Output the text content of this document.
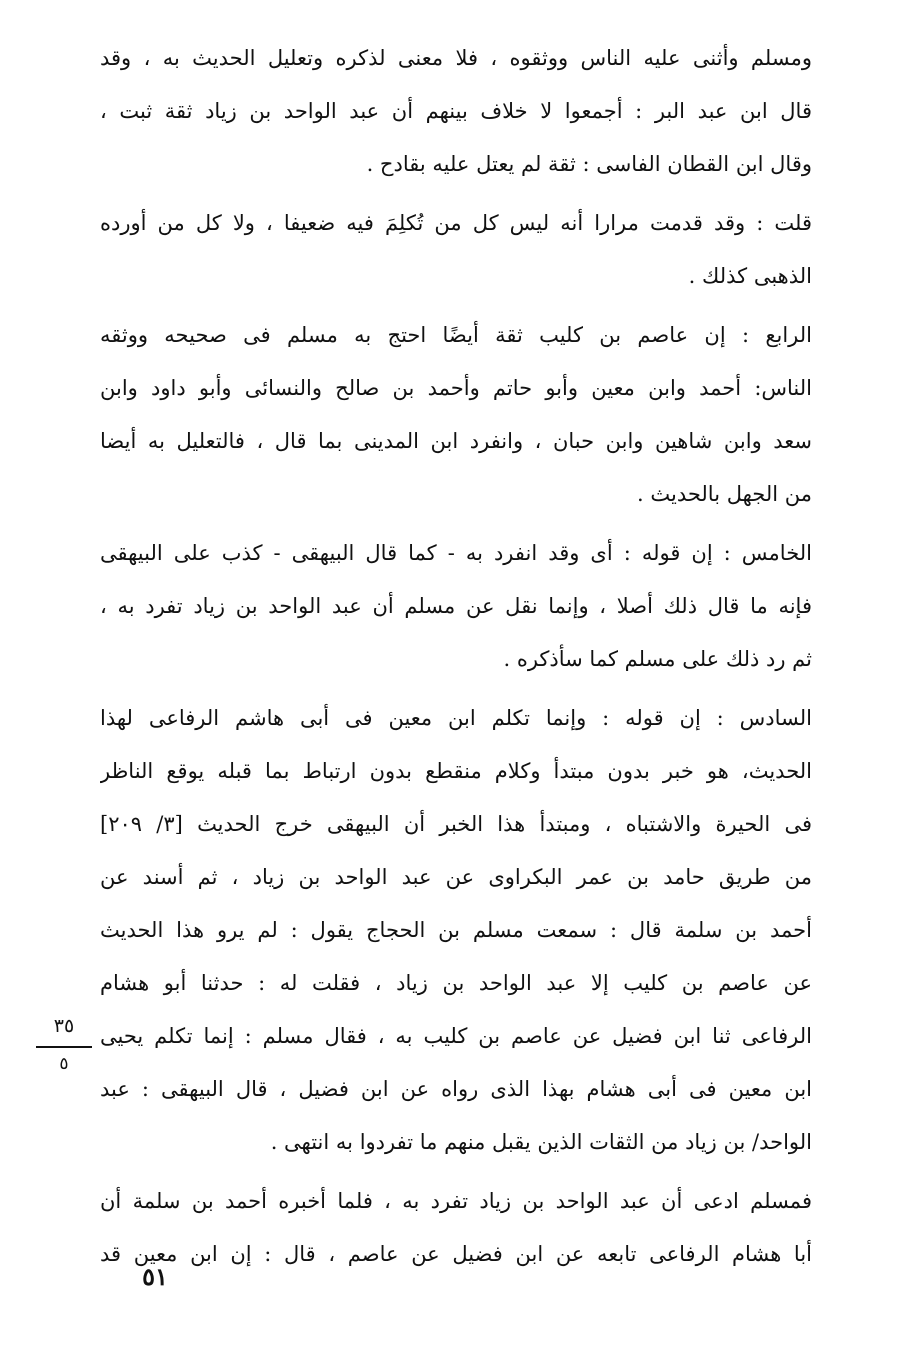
ومسلم وأثنى عليه الناس ووثقوه ، فلا معنى لذكره وتعليل الحديث به ، وقد
قال ابن عبد البر : أجمعوا لا خلاف بينهم أن عبد الواحد بن زياد ثقة ثبت ،
وقال ابن القطان الفاسى : ثقة لم يعتل عليه بقادح .
قلت : وقد قدمت مرارا أنه ليس كل من تُكلِمَ فيه ضعيفا ، ولا كل من أورده
الذهبى كذلك .
الرابع : إن عاصم بن كليب ثقة أيضًا احتج به مسلم فى صحيحه ووثقه
الناس: أحمد وابن معين وأبو حاتم وأحمد بن صالح والنسائى وأبو داود وابن
سعد وابن شاهين وابن حبان ، وانفرد ابن المدينى بما قال ، فالتعليل به أيضا
من الجهل بالحديث .
الخامس : إن قوله : أى وقد انفرد به - كما قال البيهقى - كذب على البيهقى
فإنه ما قال ذلك أصلا ، وإنما نقل عن مسلم أن عبد الواحد بن زياد تفرد به ،
ثم رد ذلك على مسلم كما سأذكره .
السادس : إن قوله : وإنما تكلم ابن معين فى أبى هاشم الرفاعى لهذا
الحديث، هو خبر بدون مبتدأ وكلام منقطع بدون ارتباط بما قبله يوقع الناظر
فى الحيرة والاشتباه ، ومبتدأ هذا الخبر أن البيهقى خرج الحديث [٣/ ٢٠٩]
من طريق حامد بن عمر البكراوى عن عبد الواحد بن زياد ، ثم أسند عن
أحمد بن سلمة قال : سمعت مسلم بن الحجاج يقول : لم يرو هذا الحديث
عن عاصم بن كليب إلا عبد الواحد بن زياد ، فقلت له : حدثنا أبو هشام
الرفاعى ثنا ابن فضيل عن عاصم بن كليب به ، فقال مسلم : إنما تكلم يحيى
ابن معين فى أبى هشام بهذا الذى رواه عن ابن فضيل ، قال البيهقى : عبد
الواحد/ بن زياد من الثقات الذين يقبل منهم ما تفردوا به انتهى .
فمسلم ادعى أن عبد الواحد بن زياد تفرد به ، فلما أخبره أحمد بن سلمة أن
أبا هشام الرفاعى تابعه عن ابن فضيل عن عاصم ، قال : إن ابن معين قد
٣٥
٥
٥١
